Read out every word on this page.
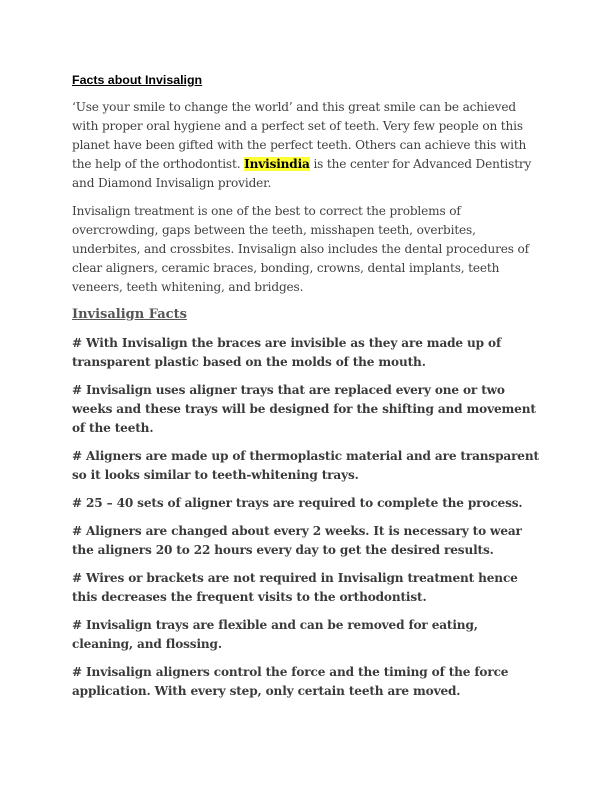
Facts about Invisalign
‘Use your smile to change the world’ and this great smile can be achieved with proper oral hygiene and a perfect set of teeth. Very few people on this planet have been gifted with the perfect teeth. Others can achieve this with the help of the orthodontist. Invisindia is the center for Advanced Dentistry and Diamond Invisalign provider.
Invisalign treatment is one of the best to correct the problems of overcrowding, gaps between the teeth, misshapen teeth, overbites, underbites, and crossbites. Invisalign also includes the dental procedures of clear aligners, ceramic braces, bonding, crowns, dental implants, teeth veneers, teeth whitening, and bridges.
Invisalign Facts
# With Invisalign the braces are invisible as they are made up of transparent plastic based on the molds of the mouth.
# Invisalign uses aligner trays that are replaced every one or two weeks and these trays will be designed for the shifting and movement of the teeth.
# Aligners are made up of thermoplastic material and are transparent so it looks similar to teeth-whitening trays.
# 25 – 40 sets of aligner trays are required to complete the process.
# Aligners are changed about every 2 weeks. It is necessary to wear the aligners 20 to 22 hours every day to get the desired results.
# Wires or brackets are not required in Invisalign treatment hence this decreases the frequent visits to the orthodontist.
# Invisalign trays are flexible and can be removed for eating, cleaning, and flossing.
# Invisalign aligners control the force and the timing of the force application. With every step, only certain teeth are moved.
